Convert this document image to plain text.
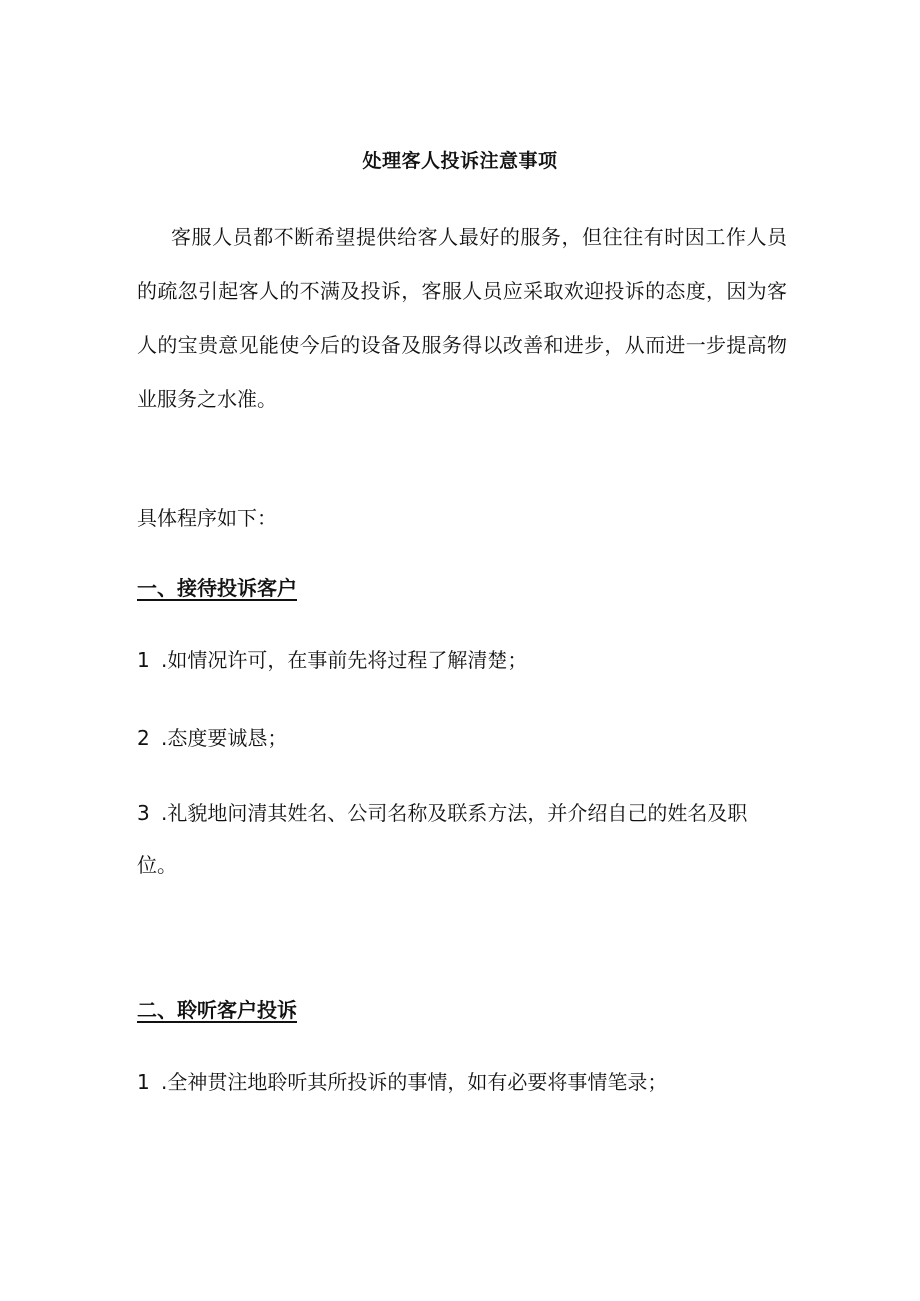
处理客人投诉注意事项

客服人员都不断希望提供给客人最好的服务，但往往有时因工作人员的疏忽引起客人的不满及投诉，客服人员应采取欢迎投诉的态度，因为客人的宝贵意见能使今后的设备及服务得以改善和进步，从而进一步提高物业服务之水准。

具体程序如下：
一、接待投诉客户
1 .如情况许可，在事前先将过程了解清楚；
2 .态度要诚恳；

3 .礼貌地问清其姓名、公司名称及联系方法，并介绍自己的姓名及职位。

二、聆听客户投诉
1 .全神贯注地聆听其所投诉的事情，如有必要将事情笔录；
